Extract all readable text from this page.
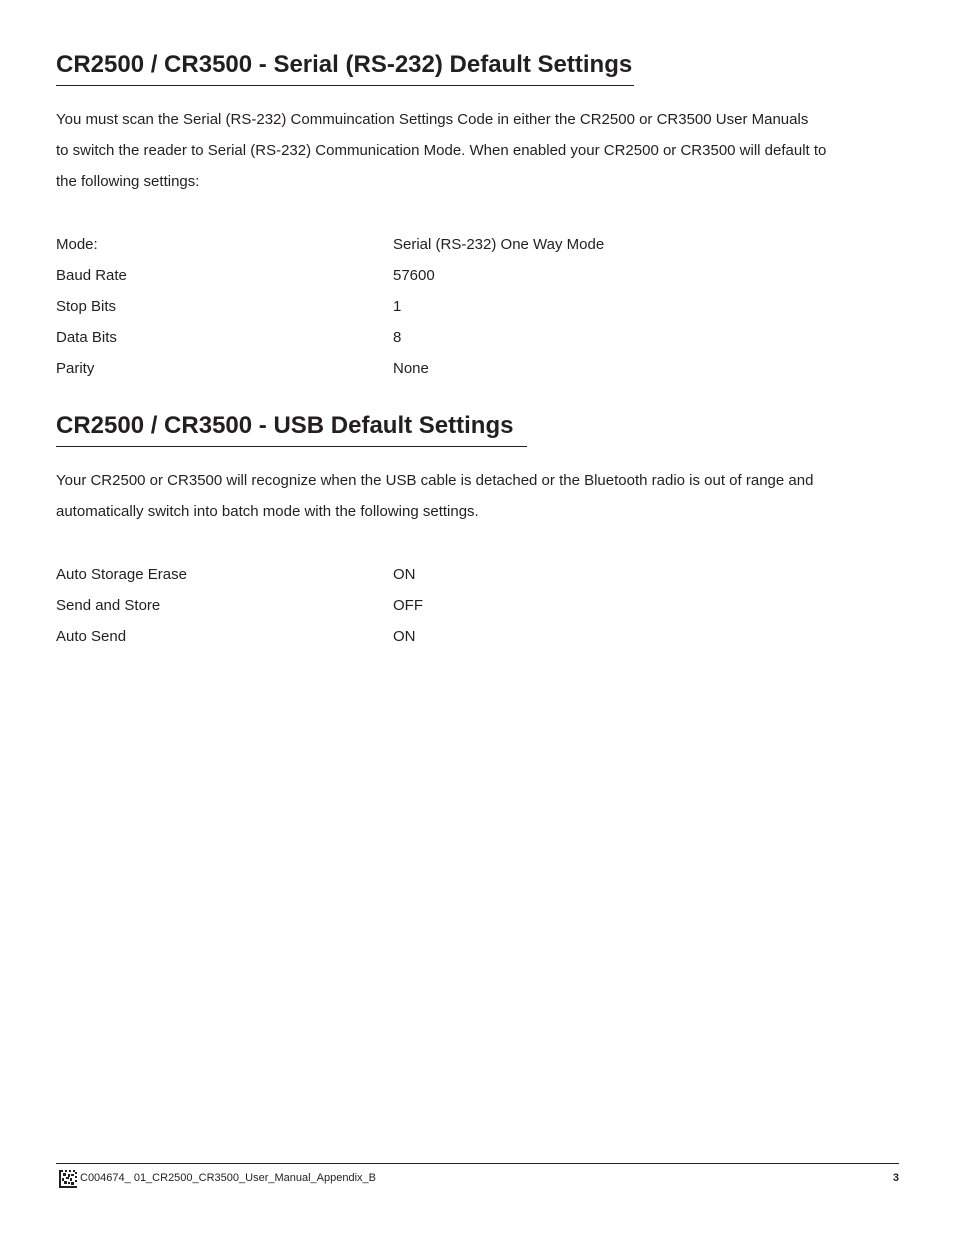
CR2500 / CR3500 - Serial (RS-232) Default Settings

You must scan the Serial (RS-232) Commuincation Settings Code in either the CR2500 or CR3500 User Manuals

to switch the reader to Serial (RS-232) Communication Mode. When enabled your CR2500 or CR3500 will default to

the following settings:

Mode:	Serial (RS-232) One Way Mode
Baud Rate	57600
Stop Bits	1
Data Bits	8
Parity	None
CR2500 / CR3500 - USB Default Settings

Your CR2500 or CR3500 will recognize when the USB cable is detached or the Bluetooth radio is out of range and

automatically switch into batch mode with the following settings.

Auto Storage Erase	ON
Send and Store	OFF
Auto Send	ON
C004674_ 01_CR2500_CR3500_User_Manual_Appendix_B	3
